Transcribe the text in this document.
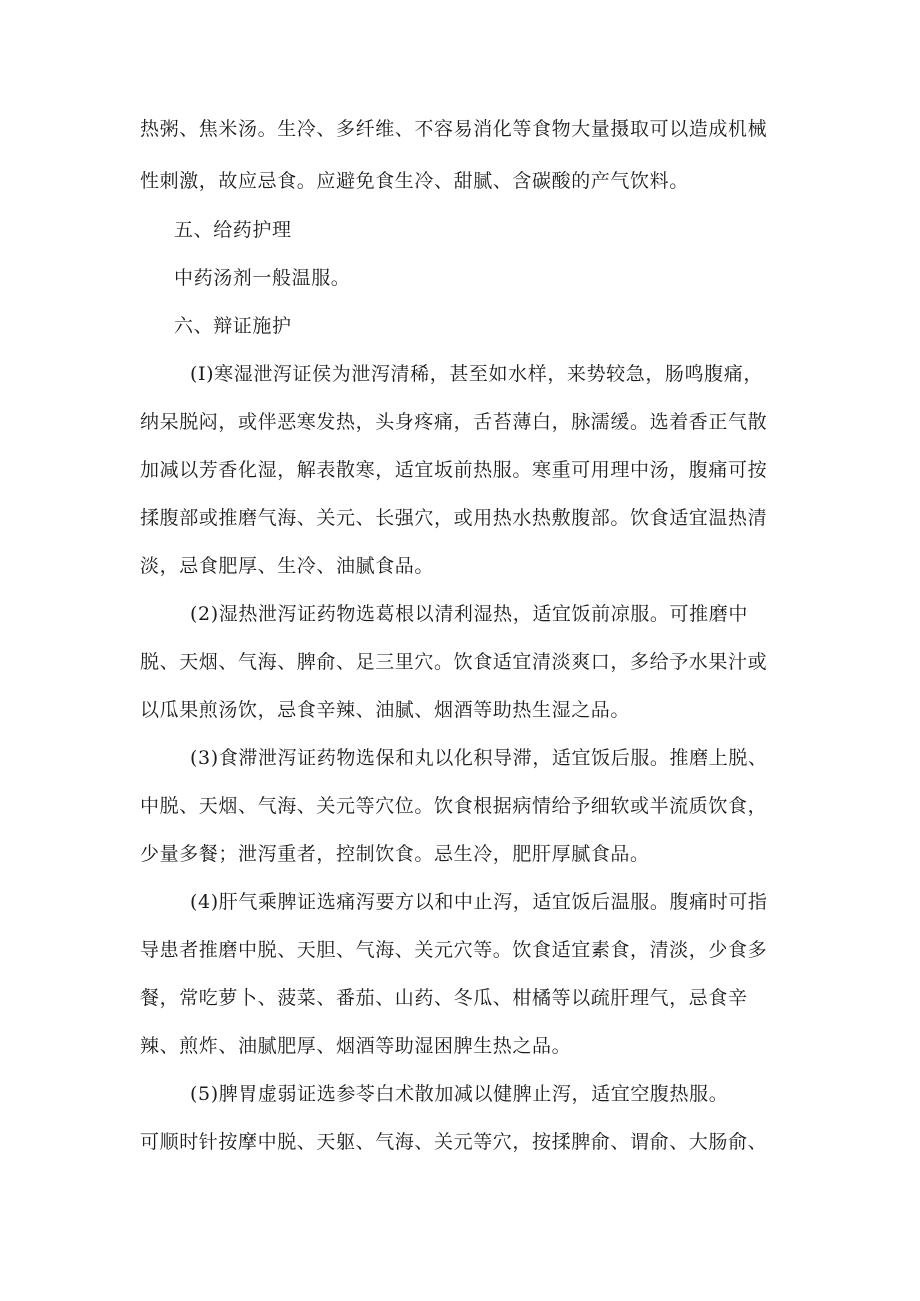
热粥、焦米汤。生冷、多纤维、不容易消化等食物大量摄取可以造成机械
性刺激，故应忌食。应避免食生冷、甜腻、含碳酸的产气饮料。
五、给药护理
中药汤剂一般温服。
六、辩证施护
(I)寒湿泄泻证侯为泄泻清稀，甚至如水样，来势较急，肠鸣腹痛，
纳呆脱闷，或伴恶寒发热，头身疼痛，舌苔薄白，脉濡缓。选着香正气散
加减以芳香化湿，解表散寒，适宜坂前热服。寒重可用理中汤，腹痛可按
揉腹部或推磨气海、关元、长强穴，或用热水热敷腹部。饮食适宜温热清
淡，忌食肥厚、生冷、油腻食品。
(2)湿热泄泻证药物选葛根以清利湿热，适宜饭前凉服。可推磨中
脱、天烟、气海、脾俞、足三里穴。饮食适宜清淡爽口，多给予水果汁或
以瓜果煎汤饮，忌食辛辣、油腻、烟酒等助热生湿之品。
(3)食滞泄泻证药物选保和丸以化积导滞，适宜饭后服。推磨上脱、
中脱、天烟、气海、关元等穴位。饮食根据病情给予细软或半流质饮食，
少量多餐；泄泻重者，控制饮食。忌生冷，肥肝厚腻食品。
(4)肝气乘脾证选痛泻要方以和中止泻，适宜饭后温服。腹痛时可指
导患者推磨中脱、天胆、气海、关元穴等。饮食适宜素食，清淡，少食多
餐，常吃萝卜、菠菜、番茄、山药、冬瓜、柑橘等以疏肝理气，忌食辛
辣、煎炸、油腻肥厚、烟酒等助湿困脾生热之品。
(5)脾胃虚弱证选参苓白术散加减以健脾止泻，适宜空腹热服。
可顺时针按摩中脱、天躯、气海、关元等穴，按揉脾俞、谓俞、大肠俞、
